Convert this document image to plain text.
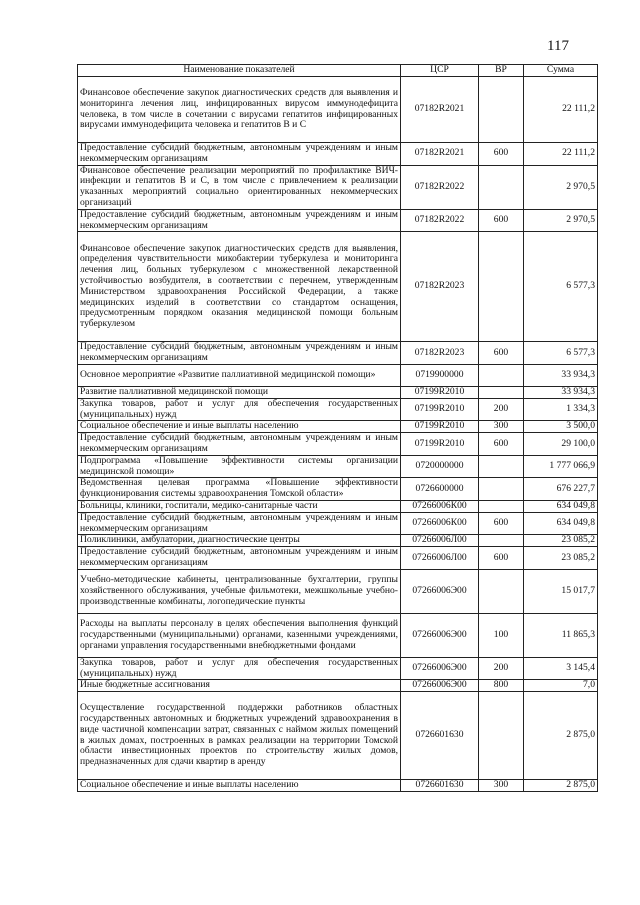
117
Наименование показателей	ЦСР	ВР	Сумма
Финансовое обеспечение закупок диагностических средств для выявления и мониторинга лечения лиц, инфицированных вирусом иммунодефицита человека, в том числе в сочетании с вирусами гепатитов инфицированных вирусами иммунодефицита человека и гепатитов В и С	07182R2021		22 111,2
Предоставление субсидий бюджетным, автономным учреждениям и иным некоммерческим организациям	07182R2021	600	22 111,2
Финансовое обеспечение реализации мероприятий по профилактике ВИЧ-инфекции и гепатитов В и С, в том числе с привлечением к реализации указанных мероприятий социально ориентированных некоммерческих организаций	07182R2022		2 970,5
Предоставление субсидий бюджетным, автономным учреждениям и иным некоммерческим организациям	07182R2022	600	2 970,5
Финансовое обеспечение закупок диагностических средств для выявления, определения чувствительности микобактерии туберкулеза и мониторинга лечения лиц, больных туберкулезом с множественной лекарственной устойчивостью возбудителя, в соответствии с перечнем, утвержденным Министерством здравоохранения Российской Федерации, а также медицинских изделий в соответствии со стандартом оснащения, предусмотренным порядком оказания медицинской помощи больным туберкулезом	07182R2023		6 577,3
Предоставление субсидий бюджетным, автономным учреждениям и иным некоммерческим организациям	07182R2023	600	6 577,3
Основное мероприятие «Развитие паллиативной медицинской помощи»	0719900000		33 934,3
Развитие паллиативной медицинской помощи	07199R2010		33 934,3
Закупка товаров, работ и услуг для обеспечения государственных (муниципальных) нужд	07199R2010	200	1 334,3
Социальное обеспечение и иные выплаты населению	07199R2010	300	3 500,0
Предоставление субсидий бюджетным, автономным учреждениям и иным некоммерческим организациям	07199R2010	600	29 100,0
Подпрограмма «Повышение эффективности системы организации медицинской помощи»	0720000000		1 777 066,9
Ведомственная целевая программа «Повышение эффективности функционирования системы здравоохранения Томской области»	0726600000		676 227,7
Больницы, клиники, госпитали, медико-санитарные части	07266006К00		634 049,8
Предоставление субсидий бюджетным, автономным учреждениям и иным некоммерческим организациям	07266006К00	600	634 049,8
Поликлиники, амбулатории, диагностические центры	07266006Л00		23 085,2
Предоставление субсидий бюджетным, автономным учреждениям и иным некоммерческим организациям	07266006Л00	600	23 085,2
Учебно-методические кабинеты, централизованные бухгалтерии, группы хозяйственного обслуживания, учебные фильмотеки, межшкольные учебно-производственные комбинаты, логопедические пункты	07266006Э00		15 017,7
Расходы на выплаты персоналу в целях обеспечения выполнения функций государственными (муниципальными) органами, казенными учреждениями, органами управления государственными внебюджетными фондами	07266006Э00	100	11 865,3
Закупка товаров, работ и услуг для обеспечения государственных (муниципальных) нужд	07266006Э00	200	3 145,4
Иные бюджетные ассигнования	07266006Э00	800	7,0
Осуществление государственной поддержки работников областных государственных автономных и бюджетных учреждений здравоохранения в виде частичной компенсации затрат, связанных с наймом жилых помещений в жилых домах, построенных в рамках реализации на территории Томской области инвестиционных проектов по строительству жилых домов, предназначенных для сдачи квартир в аренду	0726601630		2 875,0
Социальное обеспечение и иные выплаты населению	0726601630	300	2 875,0
